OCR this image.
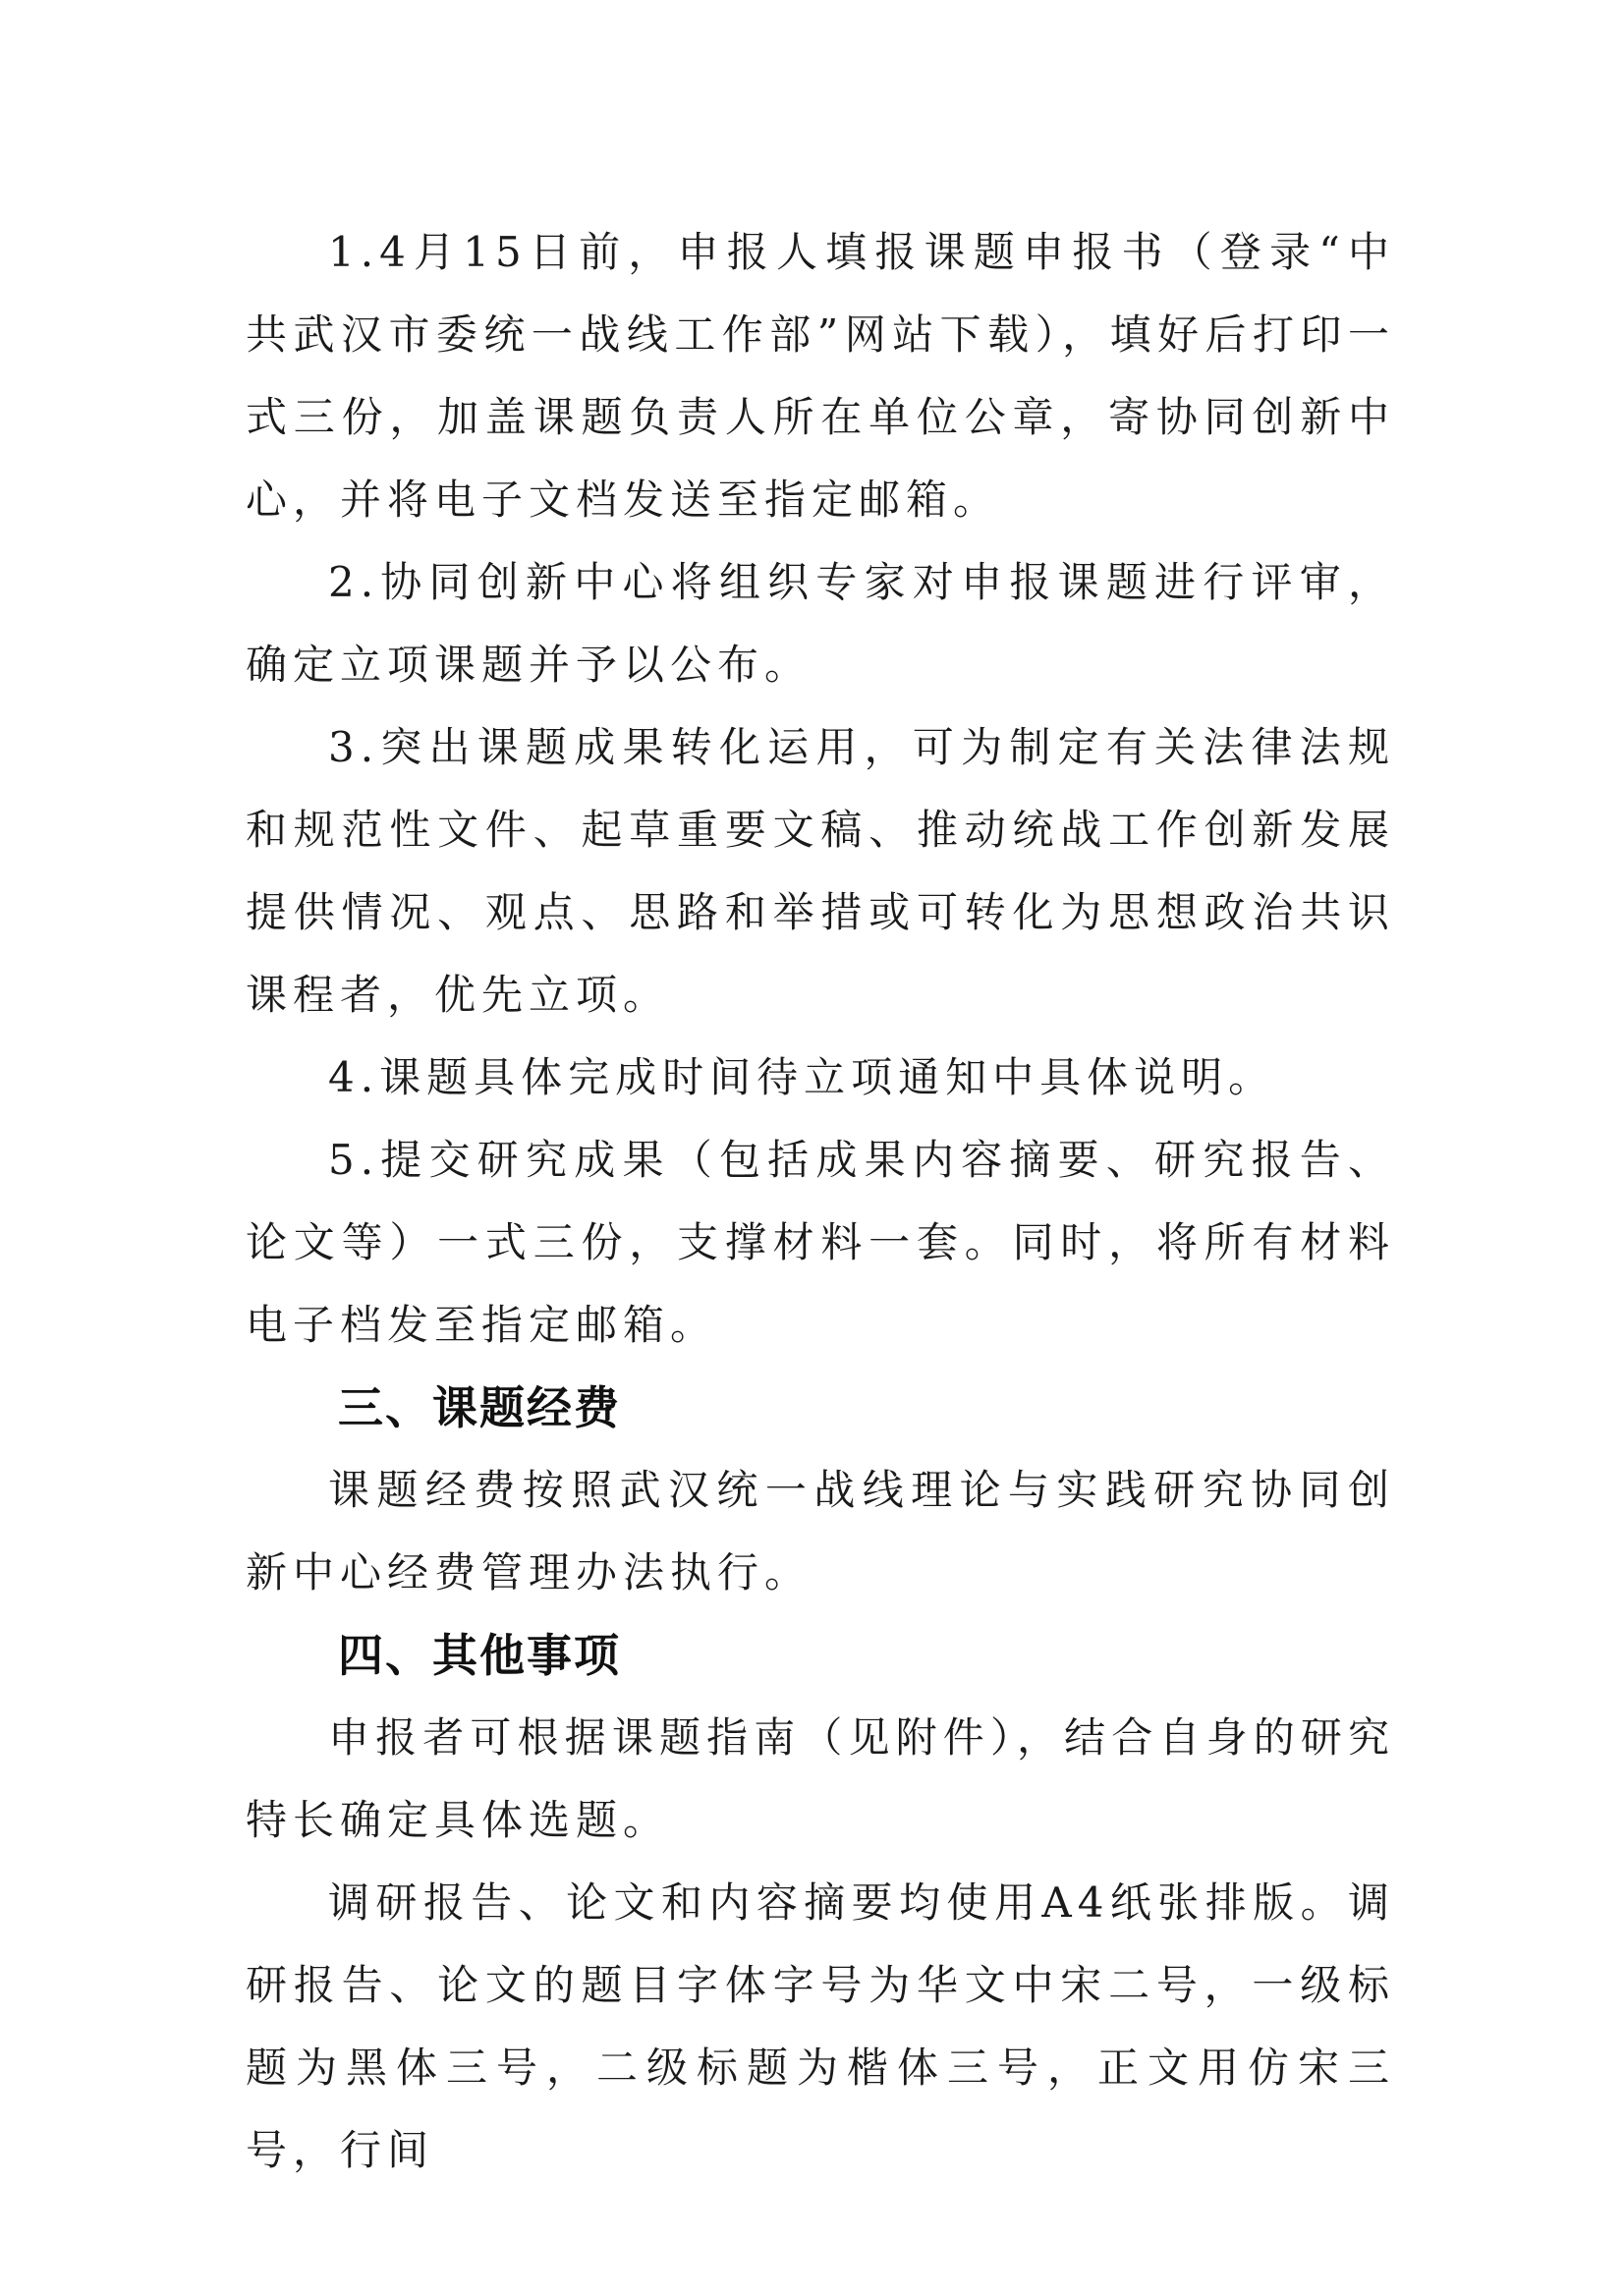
1.4月15日前，申报人填报课题申报书（登录“中共武汉市委统一战线工作部”网站下载），填好后打印一式三份，加盖课题负责人所在单位公章，寄协同创新中心，并将电子文档发送至指定邮箱。

2.协同创新中心将组织专家对申报课题进行评审，确定立项课题并予以公布。

3.突出课题成果转化运用，可为制定有关法律法规和规范性文件、起草重要文稿、推动统战工作创新发展提供情况、观点、思路和举措或可转化为思想政治共识课程者，优先立项。

4.课题具体完成时间待立项通知中具体说明。

5.提交研究成果（包括成果内容摘要、研究报告、论文等）一式三份，支撑材料一套。同时，将所有材料电子档发至指定邮箱。

三、课题经费

课题经费按照武汉统一战线理论与实践研究协同创新中心经费管理办法执行。

四、其他事项

申报者可根据课题指南（见附件），结合自身的研究特长确定具体选题。

调研报告、论文和内容摘要均使用A4纸张排版。调研报告、论文的题目字体字号为华文中宋二号，一级标题为黑体三号，二级标题为楷体三号，正文用仿宋三号，行间
